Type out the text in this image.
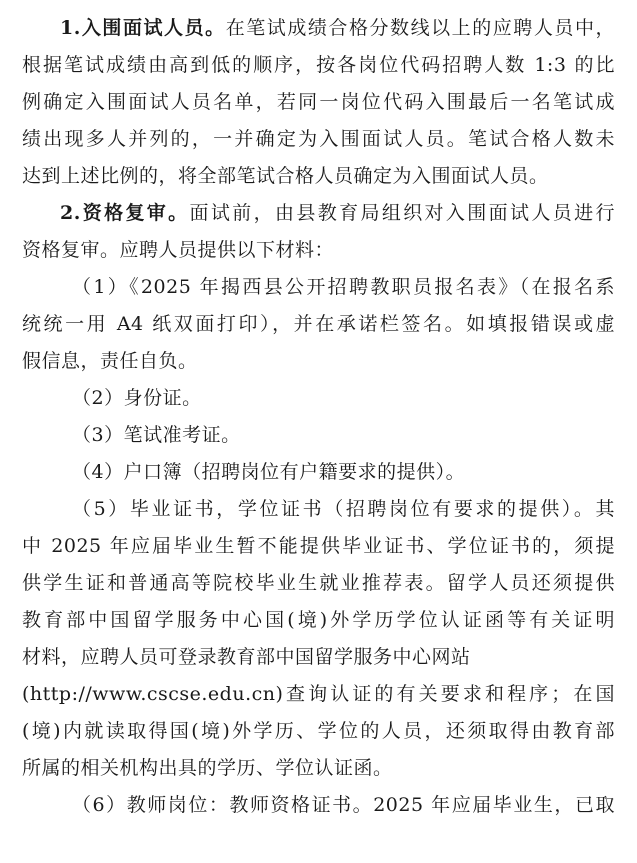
1.入围面试人员。在笔试成绩合格分数线以上的应聘人员中，
根据笔试成绩由高到低的顺序，按各岗位代码招聘人数 1:3 的比
例确定入围面试人员名单，若同一岗位代码入围最后一名笔试成
绩出现多人并列的，一并确定为入围面试人员。笔试合格人数未
达到上述比例的，将全部笔试合格人员确定为入围面试人员。
2.资格复审。面试前，由县教育局组织对入围面试人员进行
资格复审。应聘人员提供以下材料：
（1）《2025 年揭西县公开招聘教职员报名表》（在报名系
统统一用 A4 纸双面打印），并在承诺栏签名。如填报错误或虚
假信息，责任自负。
（2）身份证。
（3）笔试准考证。
（4）户口簿（招聘岗位有户籍要求的提供）。
（5）毕业证书，学位证书（招聘岗位有要求的提供）。其
中 2025 年应届毕业生暂不能提供毕业证书、学位证书的，须提
供学生证和普通高等院校毕业生就业推荐表。留学人员还须提供
教育部中国留学服务中心国(境)外学历学位认证函等有关证明
材料，应聘人员可登录教育部中国留学服务中心网站
(http://www.cscse.edu.cn)查询认证的有关要求和程序；在国
(境)内就读取得国(境)外学历、学位的人员，还须取得由教育部
所属的相关机构出具的学历、学位认证函。
（6）教师岗位：教师资格证书。2025 年应届毕业生，已取
